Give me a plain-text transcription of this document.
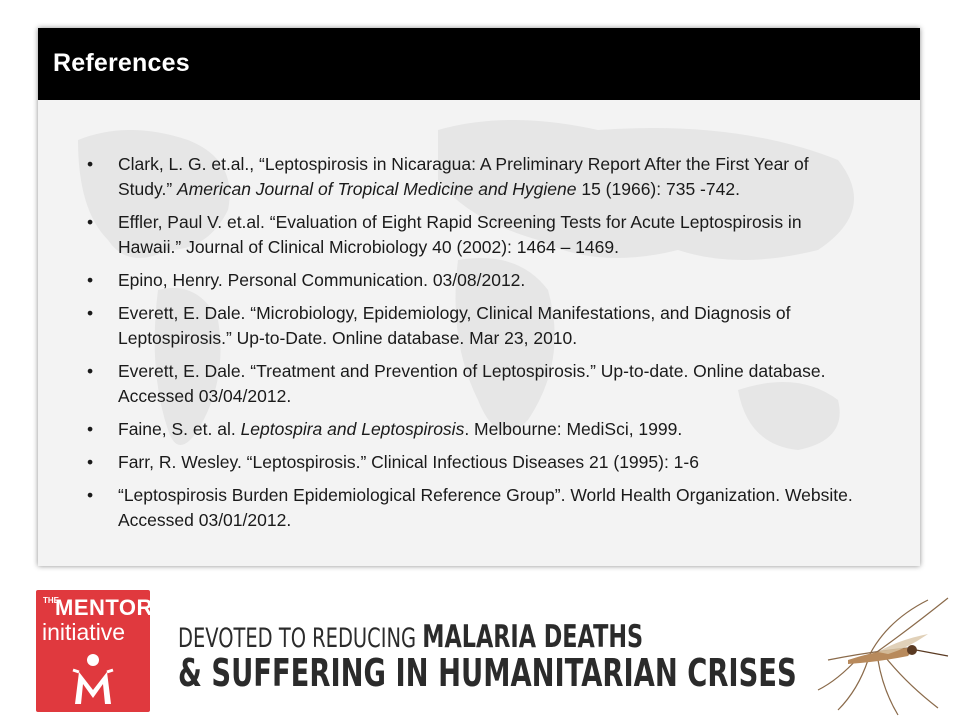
References
• Clark, L. G. et.al., “Leptospirosis in Nicaragua: A Preliminary Report After the First Year of Study.” American Journal of Tropical Medicine and Hygiene 15 (1966): 735 -742.
• Effler, Paul V. et.al. “Evaluation of Eight Rapid Screening Tests for Acute Leptospirosis in Hawaii.” Journal of Clinical Microbiology 40 (2002): 1464 – 1469.
• Epino, Henry. Personal Communication. 03/08/2012.
• Everett, E. Dale. “Microbiology, Epidemiology, Clinical Manifestations, and Diagnosis of Leptospirosis.” Up-to-Date. Online database. Mar 23, 2010.
• Everett, E. Dale. “Treatment and Prevention of Leptospirosis.” Up-to-date. Online database. Accessed 03/04/2012.
• Faine, S. et. al. Leptospira and Leptospirosis. Melbourne: MediSci, 1999.
• Farr, R. Wesley. “Leptospirosis.” Clinical Infectious Diseases 21 (1995): 1-6
• “Leptospirosis Burden Epidemiological Reference Group”. World Health Organization. Website. Accessed 03/01/2012.
THE
MENTOR
initiative DEVOTED TO REDUCING MALARIA DEATHS
& SUFFERING IN HUMANITARIAN CRISES
